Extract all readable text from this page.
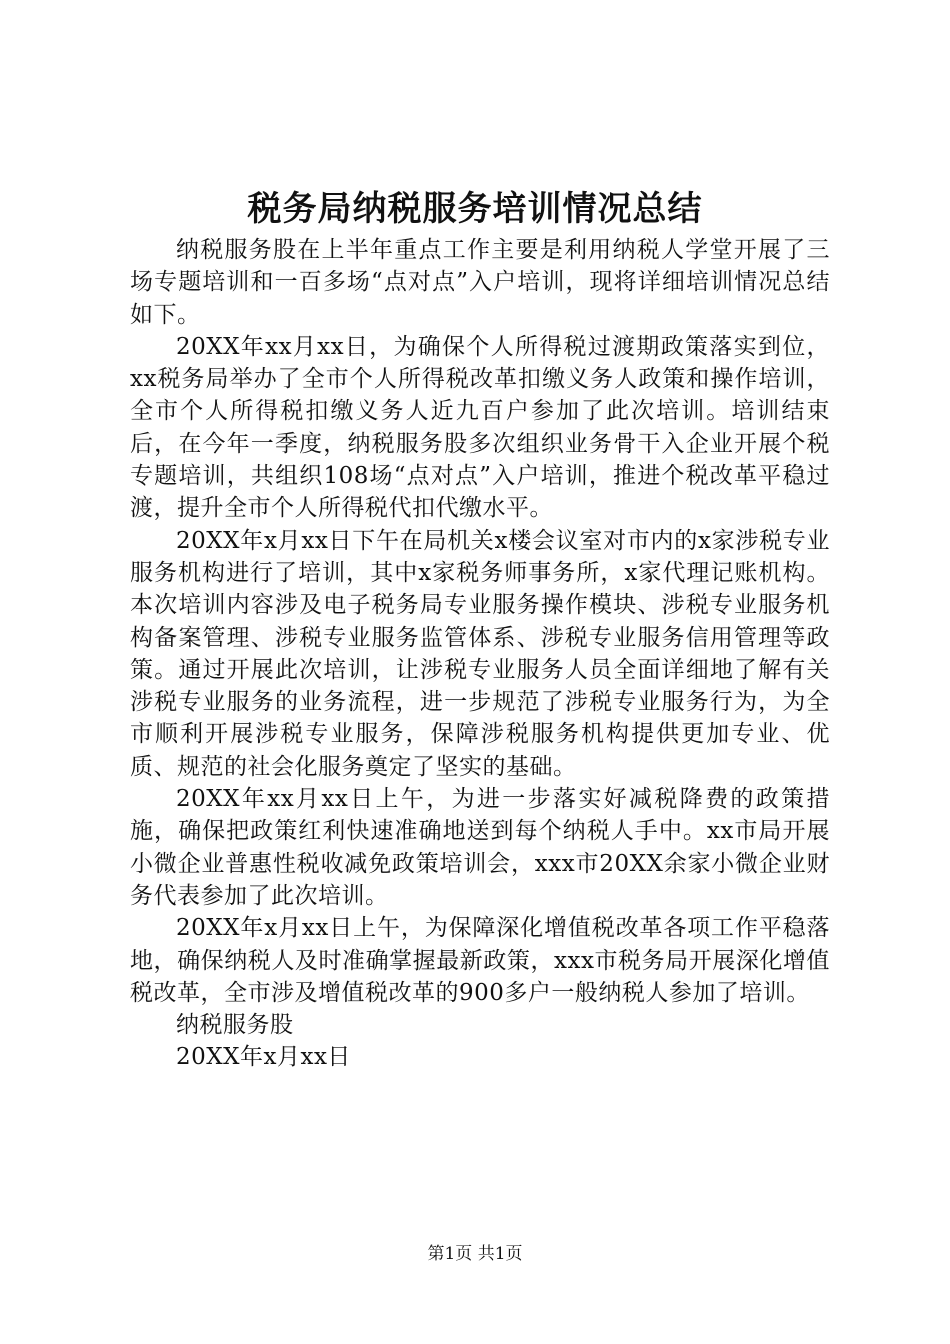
税务局纳税服务培训情况总结

纳税服务股在上半年重点工作主要是利用纳税人学堂开展了三场专题培训和一百多场“点对点”入户培训，现将详细培训情况总结如下。

20XX年xx月xx日，为确保个人所得税过渡期政策落实到位，xx税务局举办了全市个人所得税改革扣缴义务人政策和操作培训，全市个人所得税扣缴义务人近九百户参加了此次培训。培训结束后，在今年一季度，纳税服务股多次组织业务骨干入企业开展个税专题培训，共组织108场“点对点”入户培训，推进个税改革平稳过渡，提升全市个人所得税代扣代缴水平。

20XX年x月xx日下午在局机关x楼会议室对市内的x家涉税专业服务机构进行了培训，其中x家税务师事务所，x家代理记账机构。本次培训内容涉及电子税务局专业服务操作模块、涉税专业服务机构备案管理、涉税专业服务监管体系、涉税专业服务信用管理等政策。通过开展此次培训，让涉税专业服务人员全面详细地了解有关涉税专业服务的业务流程，进一步规范了涉税专业服务行为，为全市顺利开展涉税专业服务，保障涉税服务机构提供更加专业、优质、规范的社会化服务奠定了坚实的基础。

20XX年xx月xx日上午，为进一步落实好减税降费的政策措施，确保把政策红利快速准确地送到每个纳税人手中。xx市局开展小微企业普惠性税收减免政策培训会，xxx市20XX余家小微企业财务代表参加了此次培训。

20XX年x月xx日上午，为保障深化增值税改革各项工作平稳落地，确保纳税人及时准确掌握最新政策，xxx市税务局开展深化增值税改革，全市涉及增值税改革的900多户一般纳税人参加了培训。

纳税服务股
20XX年x月xx日
第1页 共1页
